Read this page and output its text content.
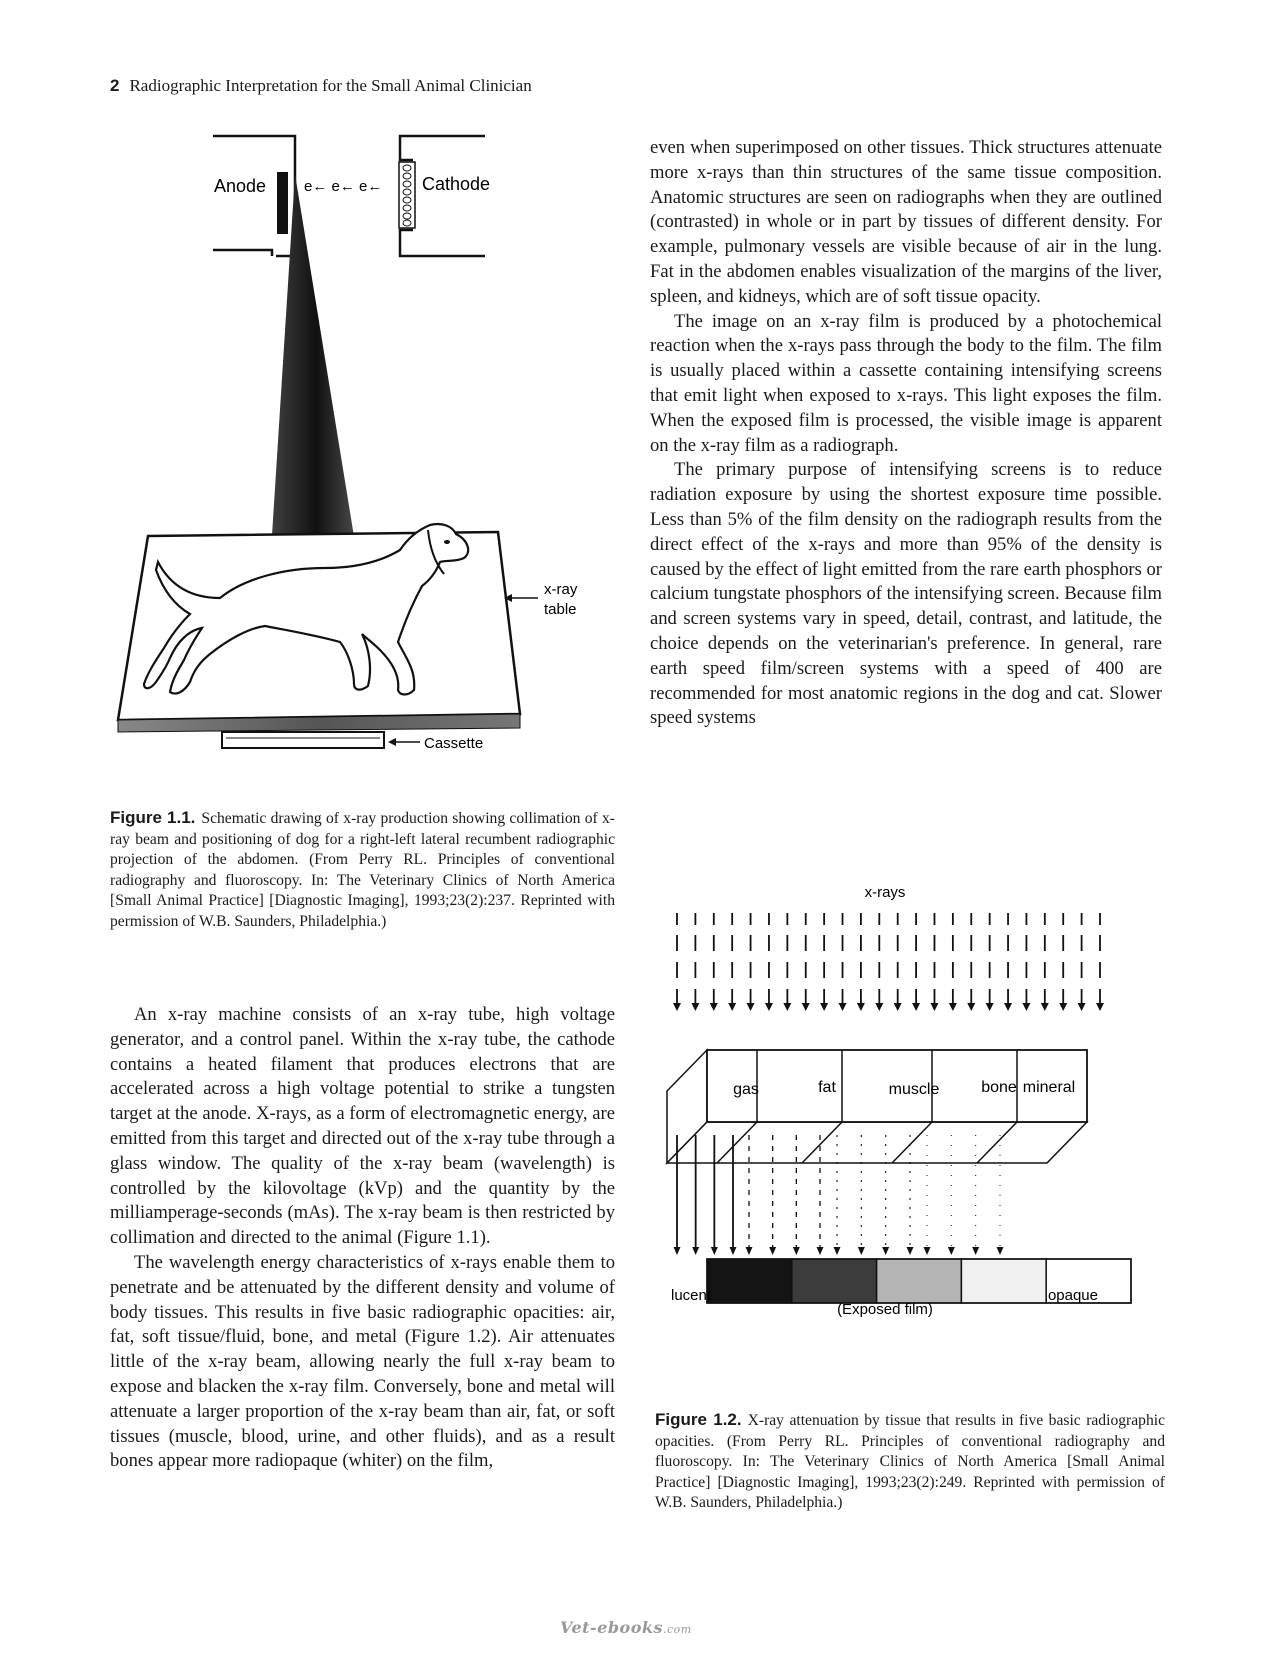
2 Radiographic Interpretation for the Small Animal Clinician
Anode	e← e← e← Cathode
x-ray
table
Cassette
Figure 1.1. Schematic drawing of x-ray production showing collimation of x-ray beam and positioning of dog for a right-left lateral recumbent radiographic projection of the abdomen. (From Perry RL. Principles of conventional radiography and fluoroscopy. In: The Veterinary Clinics of North America [Small Animal Practice] [Diagnostic Imaging], 1993;23(2):237. Reprinted with permission of W.B. Saunders, Philadelphia.)

An x-ray machine consists of an x-ray tube, high voltage generator, and a control panel. Within the x-ray tube, the cathode contains a heated filament that produces electrons that are accelerated across a high voltage potential to strike a tungsten target at the anode. X-rays, as a form of electromagnetic energy, are emitted from this target and directed out of the x-ray tube through a glass window. The quality of the x-ray beam (wavelength) is controlled by the kilovoltage (kVp) and the quantity by the milliamperage-seconds (mAs). The x-ray beam is then restricted by collimation and directed to the animal (Figure 1.1).

The wavelength energy characteristics of x-rays enable them to penetrate and be attenuated by the different density and volume of body tissues. This results in five basic radiographic opacities: air, fat, soft tissue/fluid, bone, and metal (Figure 1.2). Air attenuates little of the x-ray beam, allowing nearly the full x-ray beam to expose and blacken the x-ray film. Conversely, bone and metal will attenuate a larger proportion of the x-ray beam than air, fat, or soft tissues (muscle, blood, urine, and other fluids), and as a result bones appear more radiopaque (whiter) on the film,

even when superimposed on other tissues. Thick structures attenuate more x-rays than thin structures of the same tissue composition. Anatomic structures are seen on radiographs when they are outlined (contrasted) in whole or in part by tissues of different density. For example, pulmonary vessels are visible because of air in the lung. Fat in the abdomen enables visualization of the margins of the liver, spleen, and kidneys, which are of soft tissue opacity.

The image on an x-ray film is produced by a photochemical reaction when the x-rays pass through the body to the film. The film is usually placed within a cassette containing intensifying screens that emit light when exposed to x-rays. This light exposes the film. When the exposed film is processed, the visible image is apparent on the x-ray film as a radiograph.

The primary purpose of intensifying screens is to reduce radiation exposure by using the shortest exposure time possible. Less than 5% of the film density on the radiograph results from the direct effect of the x-rays and more than 95% of the density is caused by the effect of light emitted from the rare earth phosphors or calcium tungstate phosphors of the intensifying screen. Because film and screen systems vary in speed, detail, contrast, and latitude, the choice depends on the veterinarian's preference. In general, rare earth speed film/screen systems with a speed of 400 are recommended for most anatomic regions in the dog and cat. Slower speed systems

x-rays
gas	fat	muscle	bone mineral
lucent	opaque
(Exposed film)
Figure 1.2. X-ray attenuation by tissue that results in five basic radiographic opacities. (From Perry RL. Principles of conventional radiography and fluoroscopy. In: The Veterinary Clinics of North America [Small Animal Practice] [Diagnostic Imaging], 1993;23(2):249. Reprinted with permission of W.B. Saunders, Philadelphia.)
Vet-ebooks.com
